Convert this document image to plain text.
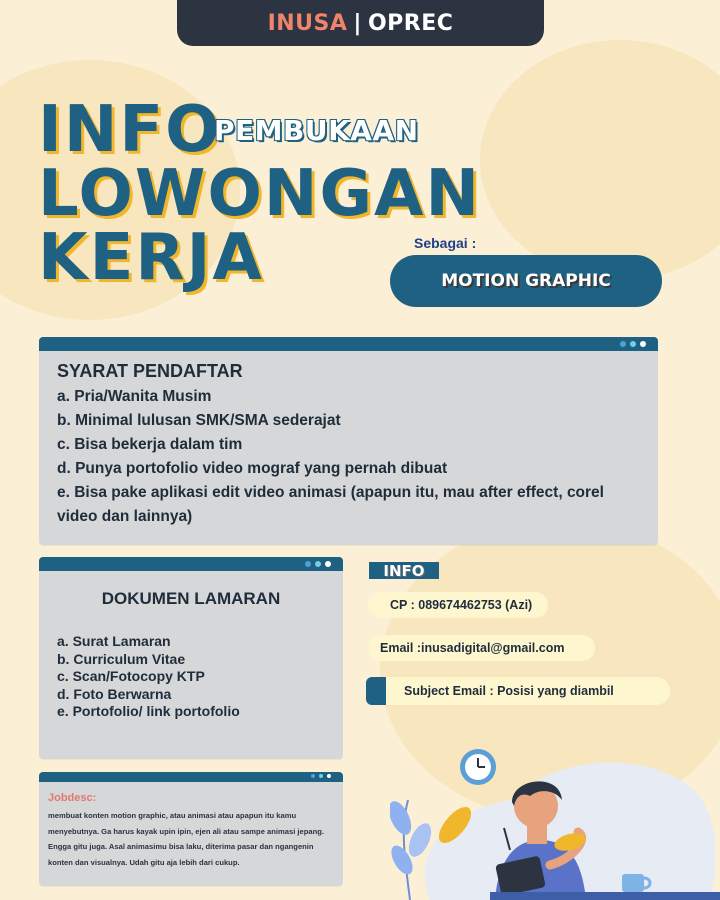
INUSA | OPREC
INFO
PEMBUKAAN
LOWONGAN
KERJA	Sebagai :
MOTION GRAPHIC
SYARAT PENDAFTAR
a. Pria/Wanita Musim
b. Minimal lulusan SMK/SMA sederajat
c. Bisa bekerja dalam tim
d. Punya portofolio video mograf yang pernah dibuat
e. Bisa pake aplikasi edit video animasi (apapun itu, mau after effect, corel video dan lainnya)
DOKUMEN LAMARAN
a. Surat Lamaran
b. Curriculum Vitae
c. Scan/Fotocopy KTP
d. Foto Berwarna
e. Portofolio/ link portofolio
Jobdesc:
membuat konten motion graphic, atau animasi atau apapun itu kamu menyebutnya. Ga harus kayak upin ipin, ejen ali atau sampe animasi jepang. Engga gitu juga. Asal animasimu bisa laku, diterima pasar dan ngangenin konten dan visualnya. Udah gitu aja lebih dari cukup.
INFO
CP : 089674462753 (Azi)
Email :inusadigital@gmail.com
Subject Email : Posisi yang diambil
